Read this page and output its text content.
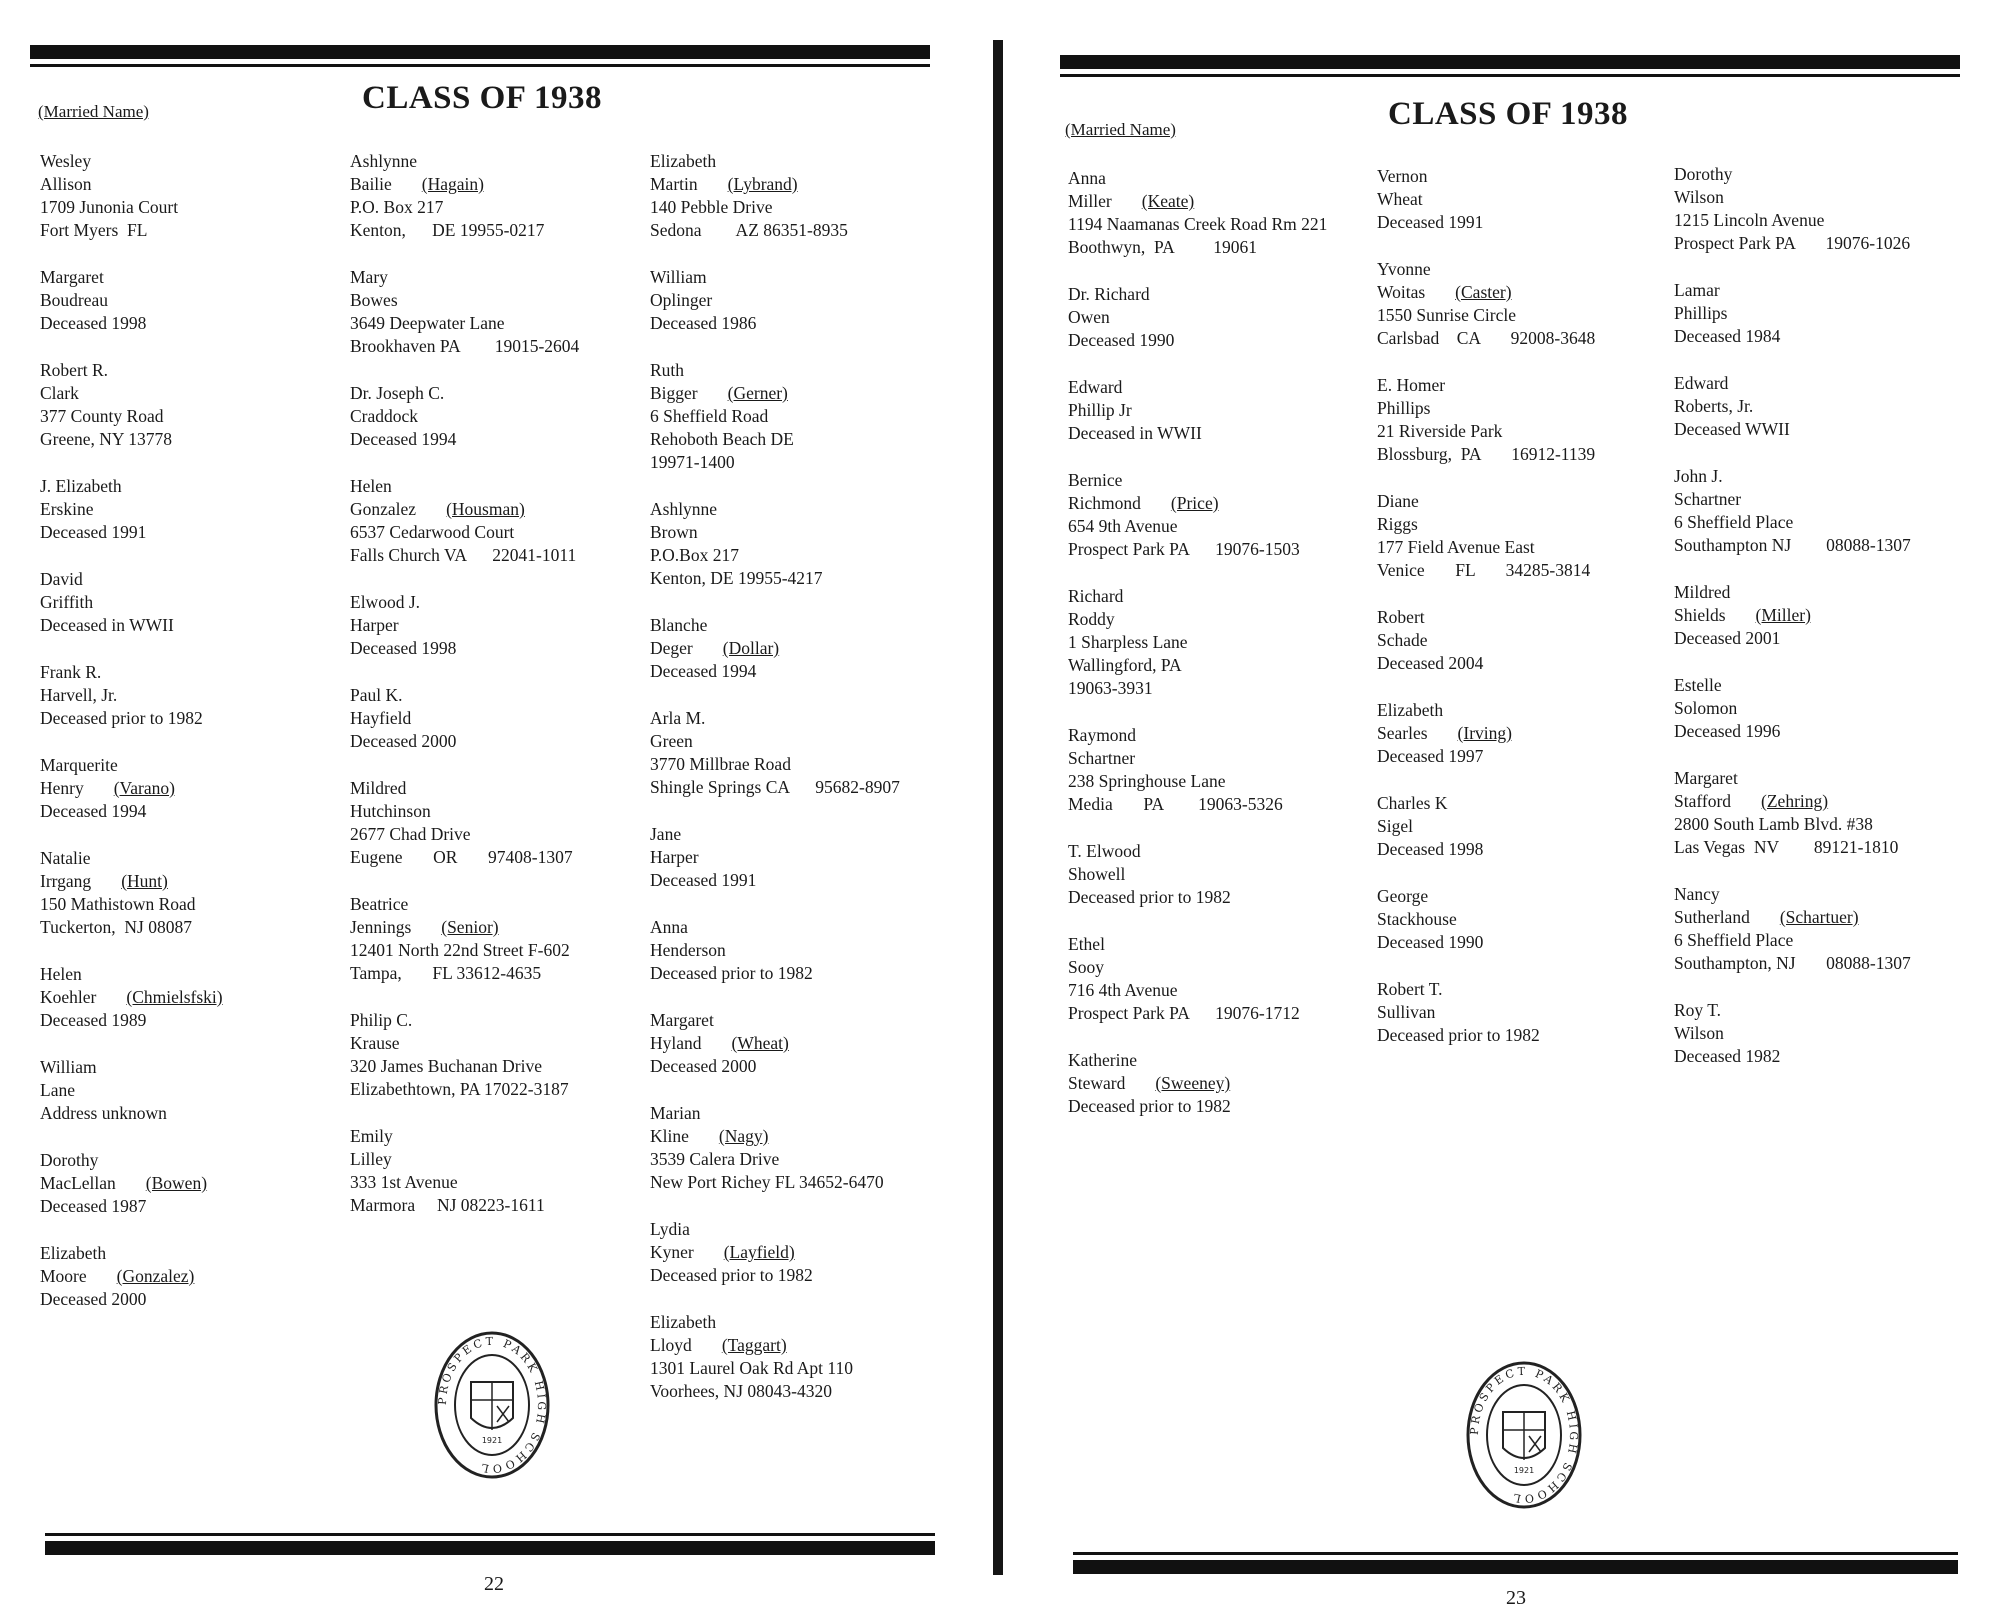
(Married Name)	CLASS OF 1938
Wesley
Allison
1709 Junonia Court
Fort Myers  FL
Margaret
Boudreau
Deceased 1998
Robert R.
Clark
377 County Road
Greene, NY 13778
J. Elizabeth
Erskine
Deceased 1991
David
Griffith
Deceased in WWII
Frank R.
Harvell, Jr.
Deceased prior to 1982
Marquerite
Henry (Varano)
Deceased 1994
Natalie
Irrgang (Hunt)
150 Mathistown Road
Tuckerton,  NJ 08087
Helen
Koehler (Chmielsfski)
Deceased 1989
William
Lane
Address unknown
Dorothy
MacLellan (Bowen)
Deceased 1987
Elizabeth
Moore (Gonzalez)
Deceased 2000
Ashlynne
Bailie (Hagain)
P.O. Box 217
Kenton,      DE 19955-0217
Mary
Bowes
3649 Deepwater Lane
Brookhaven PA        19015-2604
Dr. Joseph C.
Craddock
Deceased 1994
Helen
Gonzalez (Housman)
6537 Cedarwood Court
Falls Church VA      22041-1011
Elwood J.
Harper
Deceased 1998
Paul K.
Hayfield
Deceased 2000
Mildred
Hutchinson
2677 Chad Drive
Eugene       OR       97408-1307
Beatrice
Jennings (Senior)
12401 North 22nd Street F-602
Tampa,       FL 33612-4635
Philip C.
Krause
320 James Buchanan Drive
Elizabethtown, PA 17022-3187
Emily
Lilley
333 1st Avenue
Marmora     NJ 08223-1611
Elizabeth
Martin (Lybrand)
140 Pebble Drive
Sedona        AZ 86351-8935
William
Oplinger
Deceased 1986
Ruth
Bigger (Gerner)
6 Sheffield Road
Rehoboth Beach DE
19971-1400
Ashlynne
Brown
P.O.Box 217
Kenton, DE 19955-4217
Blanche
Deger (Dollar)
Deceased 1994
Arla M.
Green
3770 Millbrae Road
Shingle Springs CA      95682-8907
Jane
Harper
Deceased 1991
Anna
Henderson
Deceased prior to 1982
Margaret
Hyland (Wheat)
Deceased 2000
Marian
Kline (Nagy)
3539 Calera Drive
New Port Richey FL 34652-6470
Lydia
Kyner (Layfield)
Deceased prior to 1982
Elizabeth
Lloyd (Taggart)
1301 Laurel Oak Rd Apt 110
Voorhees, NJ 08043-4320
PROSPECT PARK HIGH SCHOOL
1921
22
(Married Name)	CLASS OF 1938
Anna
Miller (Keate)
1194 Naamanas Creek Road Rm 221
Boothwyn,  PA         19061
Dr. Richard
Owen
Deceased 1990
Edward
Phillip Jr
Deceased in WWII
Bernice
Richmond (Price)
654 9th Avenue
Prospect Park PA      19076-1503
Richard
Roddy
1 Sharpless Lane
Wallingford, PA
19063-3931
Raymond
Schartner
238 Springhouse Lane
Media       PA        19063-5326
T. Elwood
Showell
Deceased prior to 1982
Ethel
Sooy
716 4th Avenue
Prospect Park PA      19076-1712
Katherine
Steward (Sweeney)
Deceased prior to 1982
Vernon
Wheat
Deceased 1991
Yvonne
Woitas (Caster)
1550 Sunrise Circle
Carlsbad    CA       92008-3648
E. Homer
Phillips
21 Riverside Park
Blossburg,  PA       16912-1139
Diane
Riggs
177 Field Avenue East
Venice       FL       34285-3814
Robert
Schade
Deceased 2004
Elizabeth
Searles (Irving)
Deceased 1997
Charles K
Sigel
Deceased 1998
George
Stackhouse
Deceased 1990
Robert T.
Sullivan
Deceased prior to 1982
Dorothy
Wilson
1215 Lincoln Avenue
Prospect Park PA       19076-1026
Lamar
Phillips
Deceased 1984
Edward
Roberts, Jr.
Deceased WWII
John J.
Schartner
6 Sheffield Place
Southampton NJ        08088-1307
Mildred
Shields (Miller)
Deceased 2001
Estelle
Solomon
Deceased 1996
Margaret
Stafford (Zehring)
2800 South Lamb Blvd. #38
Las Vegas  NV        89121-1810
Nancy
Sutherland (Schartuer)
6 Sheffield Place
Southampton, NJ       08088-1307
Roy T.
Wilson
Deceased 1982
PROSPECT PARK HIGH SCHOOL
1921
23
